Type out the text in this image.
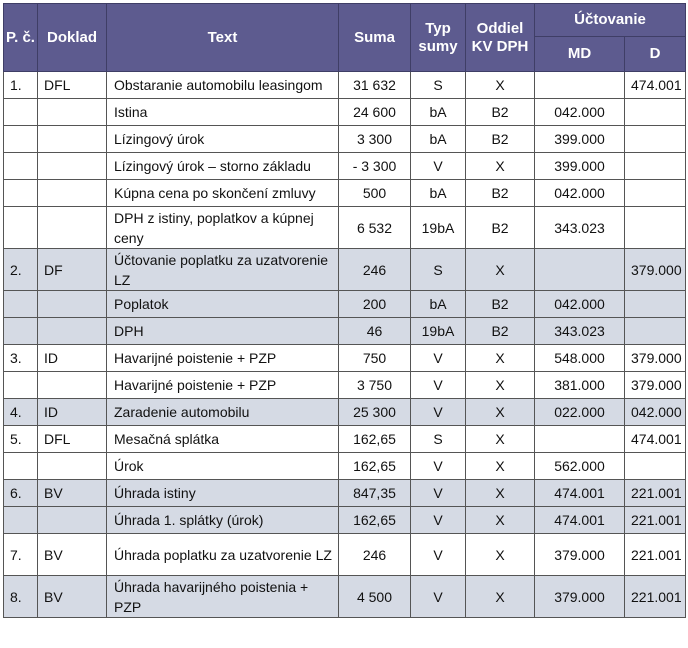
P. č.	Doklad	Text	Suma	Typ sumy	Oddiel KV DPH	Účtovanie	
						MD	D
1.	DFL	Obstaranie automobilu leasingom	31 632	S	X		474.001
		Istina	24 600	bA	B2	042.000	
		Lízingový úrok	3 300	bA	B2	399.000	
		Lízingový úrok – storno základu	- 3 300	V	X	399.000	
		Kúpna cena po skončení zmluvy	500	bA	B2	042.000	
		DPH z istiny, poplatkov a kúpnej ceny	6 532	19bA	B2	343.023	
2.	DF	Účtovanie poplatku za uzatvorenie LZ	246	S	X		379.000
		Poplatok	200	bA	B2	042.000	
		DPH	46	19bA	B2	343.023	
3.	ID	Havarijné poistenie + PZP	750	V	X	548.000	379.000
		Havarijné poistenie + PZP	3 750	V	X	381.000	379.000
4.	ID	Zaradenie automobilu	25 300	V	X	022.000	042.000
5.	DFL	Mesačná splátka	162,65	S	X		474.001
		Úrok	162,65	V	X	562.000	
6.	BV	Úhrada istiny	847,35	V	X	474.001	221.001
		Úhrada 1. splátky (úrok)	162,65	V	X	474.001	221.001
7.	BV	Úhrada poplatku za uzatvorenie LZ	246	V	X	379.000	221.001
8.	BV	Úhrada havarijného poistenia + PZP	4 500	V	X	379.000	221.001
